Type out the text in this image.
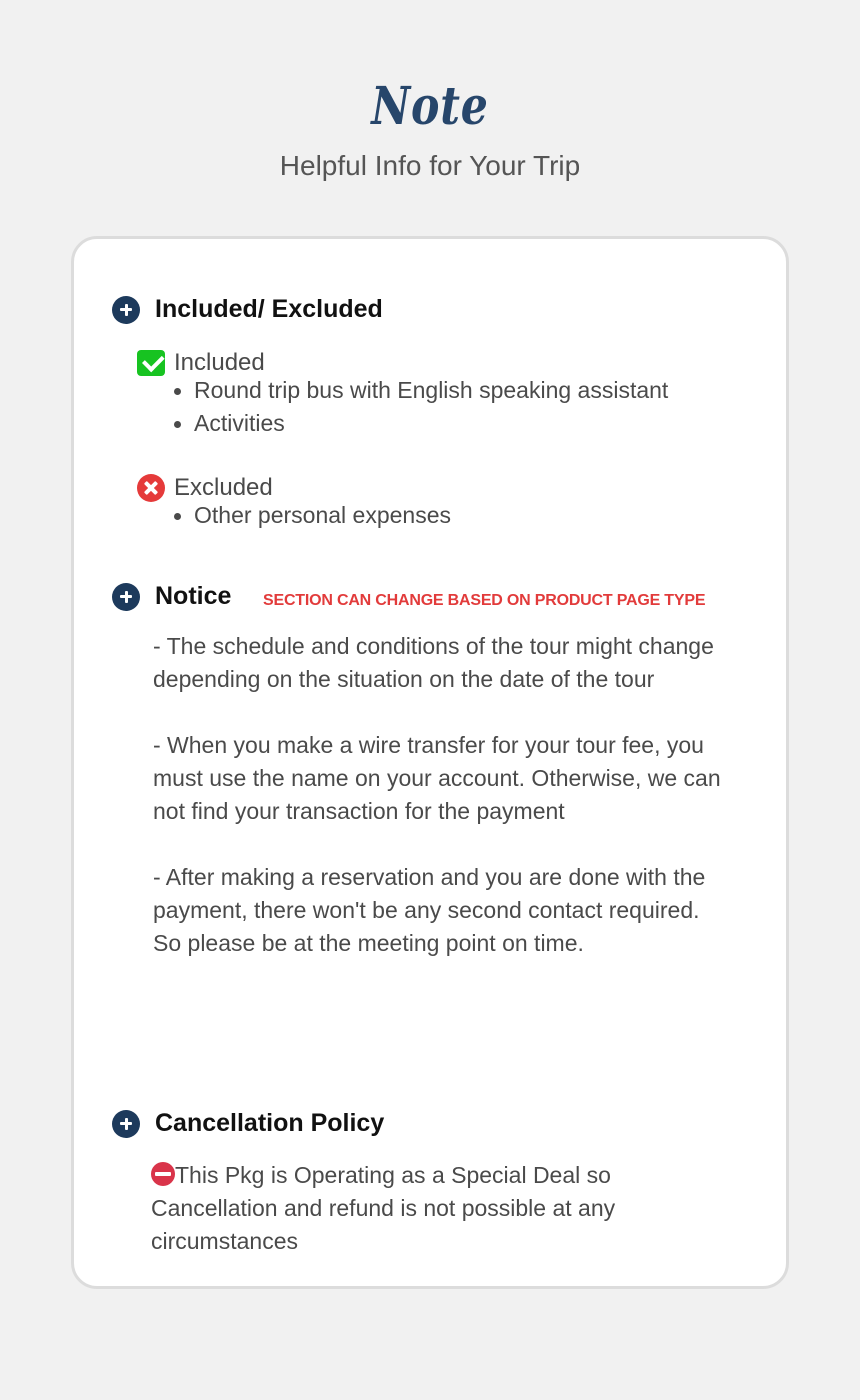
Note
Helpful Info for Your Trip
Included/ Excluded
Included
Round trip bus with English speaking assistant
Activities
Excluded
Other personal expenses
Notice SECTION CAN CHANGE BASED ON PRODUCT PAGE TYPE

- The schedule and conditions of the tour might change depending on the situation on the date of the tour

- When you make a wire transfer for your tour fee, you must use the name on your account. Otherwise, we can not find your transaction for the payment

- After making a reservation and you are done with the payment, there won't be any second contact required. So please be at the meeting point on time.

Cancellation Policy
This Pkg is Operating as a Special Deal so Cancellation and refund is not possible at any circumstances
